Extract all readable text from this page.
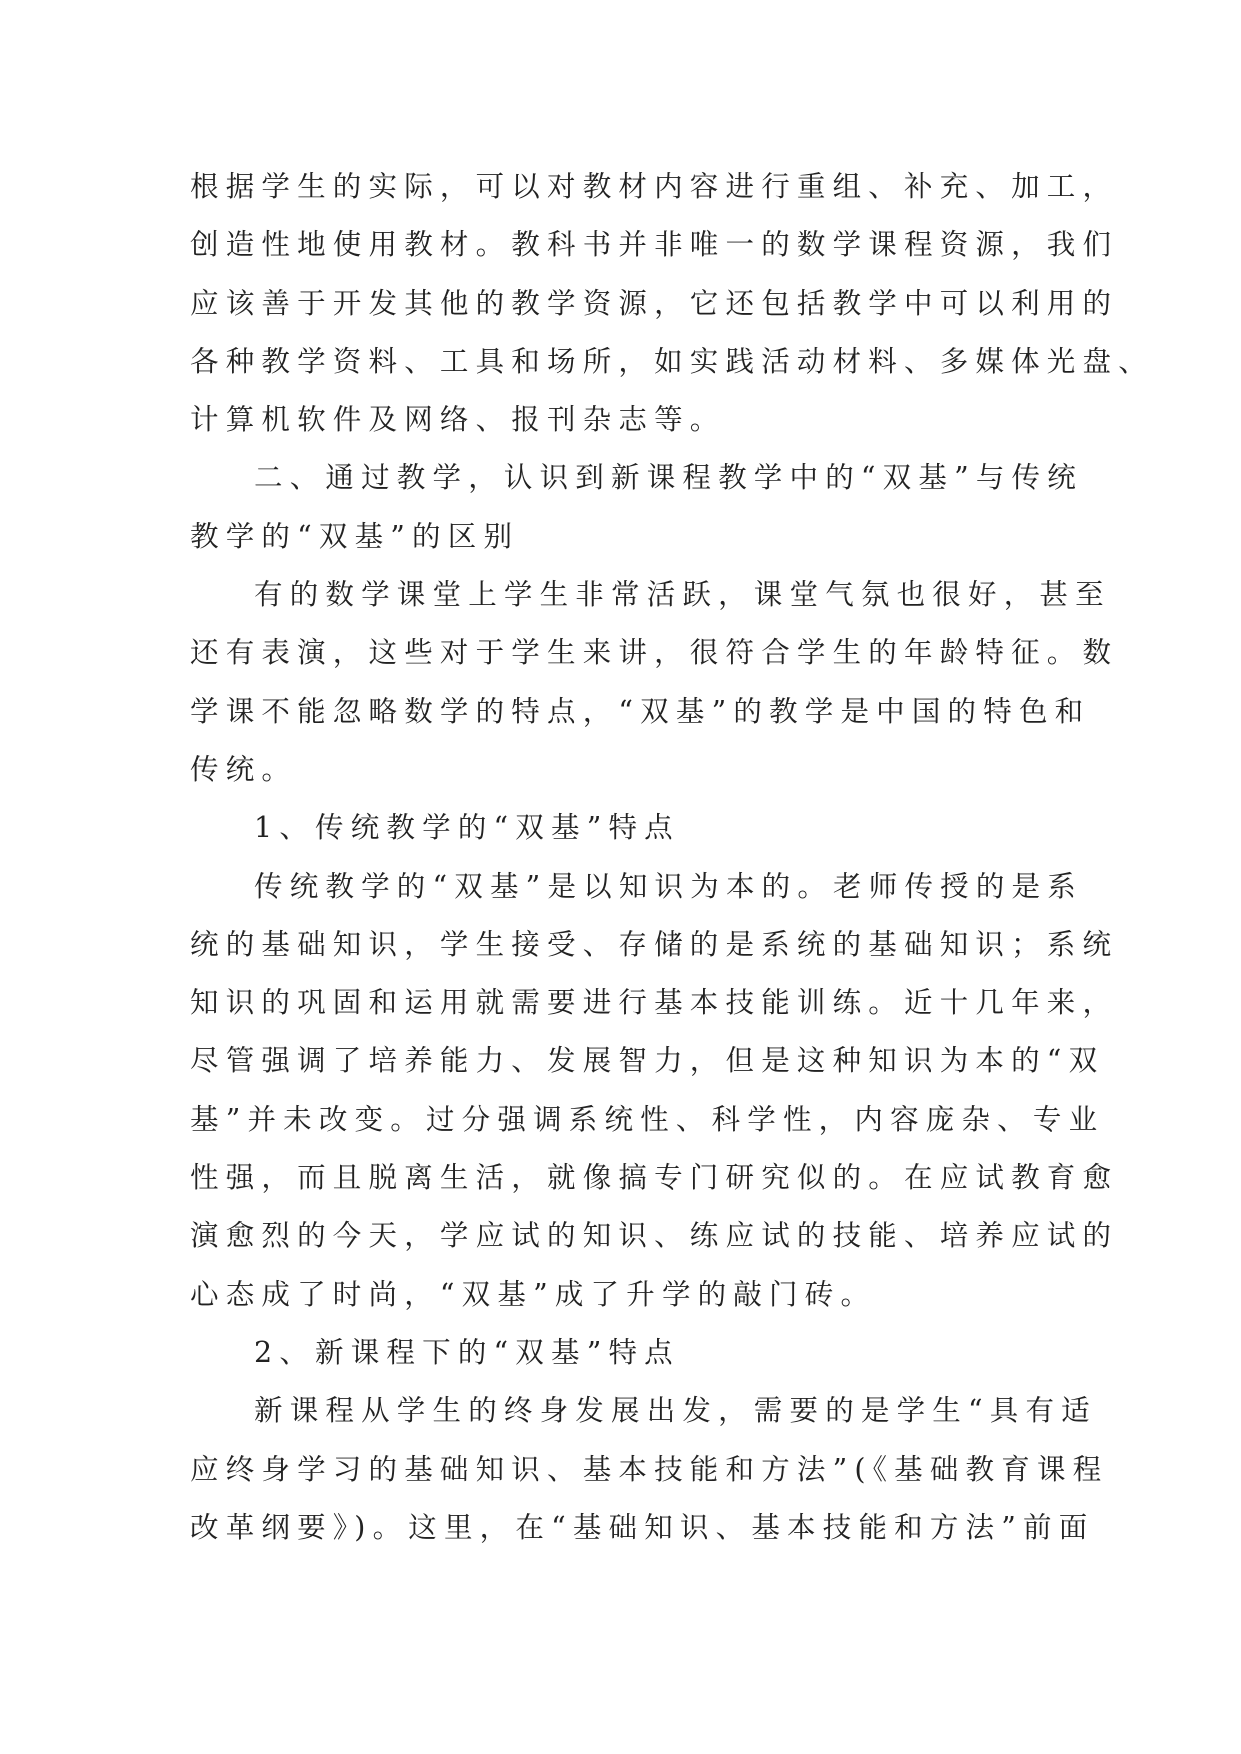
根据学生的实际，可以对教材内容进行重组、补充、加工，
创造性地使用教材。教科书并非唯一的数学课程资源，我们
应该善于开发其他的教学资源，它还包括教学中可以利用的
各种教学资料、工具和场所，如实践活动材料、多媒体光盘、
计算机软件及网络、报刊杂志等。
二、通过教学，认识到新课程教学中的“双基”与传统
教学的“双基”的区别
有的数学课堂上学生非常活跃，课堂气氛也很好，甚至
还有表演，这些对于学生来讲，很符合学生的年龄特征。数
学课不能忽略数学的特点，“双基”的教学是中国的特色和
传统。
1、传统教学的“双基”特点
传统教学的“双基”是以知识为本的。老师传授的是系
统的基础知识，学生接受、存储的是系统的基础知识；系统
知识的巩固和运用就需要进行基本技能训练。近十几年来，
尽管强调了培养能力、发展智力，但是这种知识为本的“双
基”并未改变。过分强调系统性、科学性，内容庞杂、专业
性强，而且脱离生活，就像搞专门研究似的。在应试教育愈
演愈烈的今天，学应试的知识、练应试的技能、培养应试的
心态成了时尚，“双基”成了升学的敲门砖。
2、新课程下的“双基”特点
新课程从学生的终身发展出发，需要的是学生“具有适
应终身学习的基础知识、基本技能和方法”(《基础教育课程
改革纲要》)。这里，在“基础知识、基本技能和方法”前面
